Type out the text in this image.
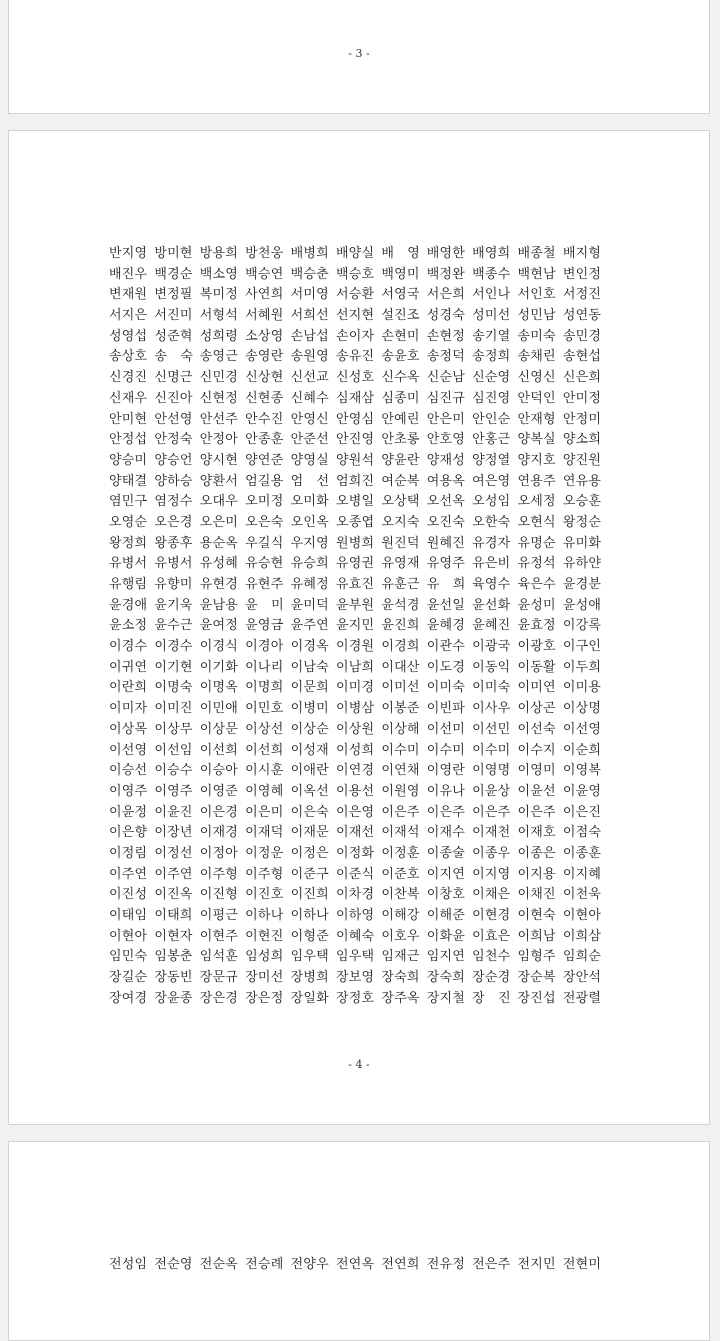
- 3 -
반지영 방미현 방용희 방천웅 배병희 배양실 배　영 배영한 배영희 배종철 배지형
배진우 백경순 백소영 백승연 백승춘 백승호 백영미 백정완 백종수 백현남 변인정
변재원 변정필 복미정 사연희 서미영 서승환 서영국 서은희 서인나 서인호 서정진
서지은 서진미 서형석 서혜원 서희선 선지현 설진조 성경숙 성미선 성민남 성연동
성영섭 성준혁 성희령 소상영 손남섭 손이자 손현미 손현정 송기열 송미숙 송민경
송상호 송　숙 송영근 송영란 송원영 송유진 송윤호 송정덕 송정희 송채린 송현섭
신경진 신명근 신민경 신상현 신선교 신성호 신수옥 신순남 신순영 신영신 신은희
신재우 신진아 신현정 신현종 신혜수 심재삼 심종미 심진규 심진영 안덕인 안미정
안미현 안선영 안선주 안수진 안영신 안영심 안예린 안은미 안인순 안재형 안정미
안정섭 안정숙 안정아 안종훈 안준선 안진영 안초롱 안호영 안홍근 양복실 양소희
양승미 양승언 양시현 양연준 양영실 양원석 양윤란 양재성 양정열 양지호 양진원
양태결 양하승 양환서 엄길용 엄　선 엄희진 여순복 여용옥 여은영 연용주 연유용
염민구 염정수 오대우 오미정 오미화 오병일 오상택 오선옥 오성임 오세정 오승훈
오영순 오은경 오은미 오은숙 오인옥 오종엽 오지숙 오진숙 오한숙 오현식 왕정순
왕정희 왕종후 용순옥 우길식 우지영 원병희 원진덕 원혜진 유경자 유명순 유미화
유병서 유병서 유성혜 유승현 유승희 유영권 유영재 유영주 유은비 유정석 유하얀
유행림 유향미 유현경 유현주 유혜정 유효진 유훈근 유　희 육영수 육은수 윤경분
윤경애 윤기욱 윤남용 윤　미 윤미덕 윤부원 윤석경 윤선일 윤선화 윤성미 윤성애
윤소정 윤수근 윤여정 윤영금 윤주연 윤지민 윤진희 윤혜경 윤혜진 윤효정 이강록
이경수 이경수 이경식 이경아 이경옥 이경원 이경희 이관수 이광국 이광호 이구인
이귀연 이기현 이기화 이나리 이남숙 이남희 이대산 이도경 이동익 이동활 이두희
이란희 이명숙 이명옥 이명희 이문희 이미경 이미선 이미숙 이미숙 이미연 이미용
이미자 이미진 이민애 이민호 이병미 이병삼 이봉준 이빈파 이사우 이상곤 이상명
이상목 이상무 이상문 이상선 이상순 이상원 이상해 이선미 이선민 이선숙 이선영
이선영 이선임 이선희 이선희 이성재 이성희 이수미 이수미 이수미 이수지 이순희
이승선 이승수 이승아 이시훈 이애란 이연경 이연채 이영란 이영명 이영미 이영복
이영주 이영주 이영준 이영혜 이옥선 이용선 이원영 이유나 이윤상 이윤선 이윤영
이윤정 이윤진 이은경 이은미 이은숙 이은영 이은주 이은주 이은주 이은주 이은진
이은향 이장년 이재경 이재덕 이재문 이재선 이재석 이재수 이재천 이재호 이점숙
이정림 이정선 이정아 이정운 이정은 이정화 이정훈 이종술 이종우 이종은 이종훈
이주연 이주연 이주형 이주형 이준구 이준식 이준호 이지연 이지영 이지용 이지혜
이진성 이진옥 이진형 이진호 이진희 이차경 이찬복 이창호 이채은 이채진 이천욱
이태임 이태희 이평근 이하나 이하나 이하영 이해강 이해준 이현경 이현숙 이현아
이현아 이현자 이현주 이현진 이형준 이혜숙 이호우 이화윤 이효은 이희남 이희삼
임민숙 임봉춘 임석훈 임성희 임우택 임우택 임재근 임지연 임천수 임형주 임희순
장길순 장동빈 장문규 장미선 장병희 장보영 장숙희 장숙희 장순경 장순복 장안석
장여경 장윤종 장은경 장은정 장일화 장정호 장주옥 장지철 장　진 장진섭 전광렬
- 4 -
전성임 전순영 전순옥 전승례 전양우 전연옥 전연희 전유정 전은주 전지민 전현미
